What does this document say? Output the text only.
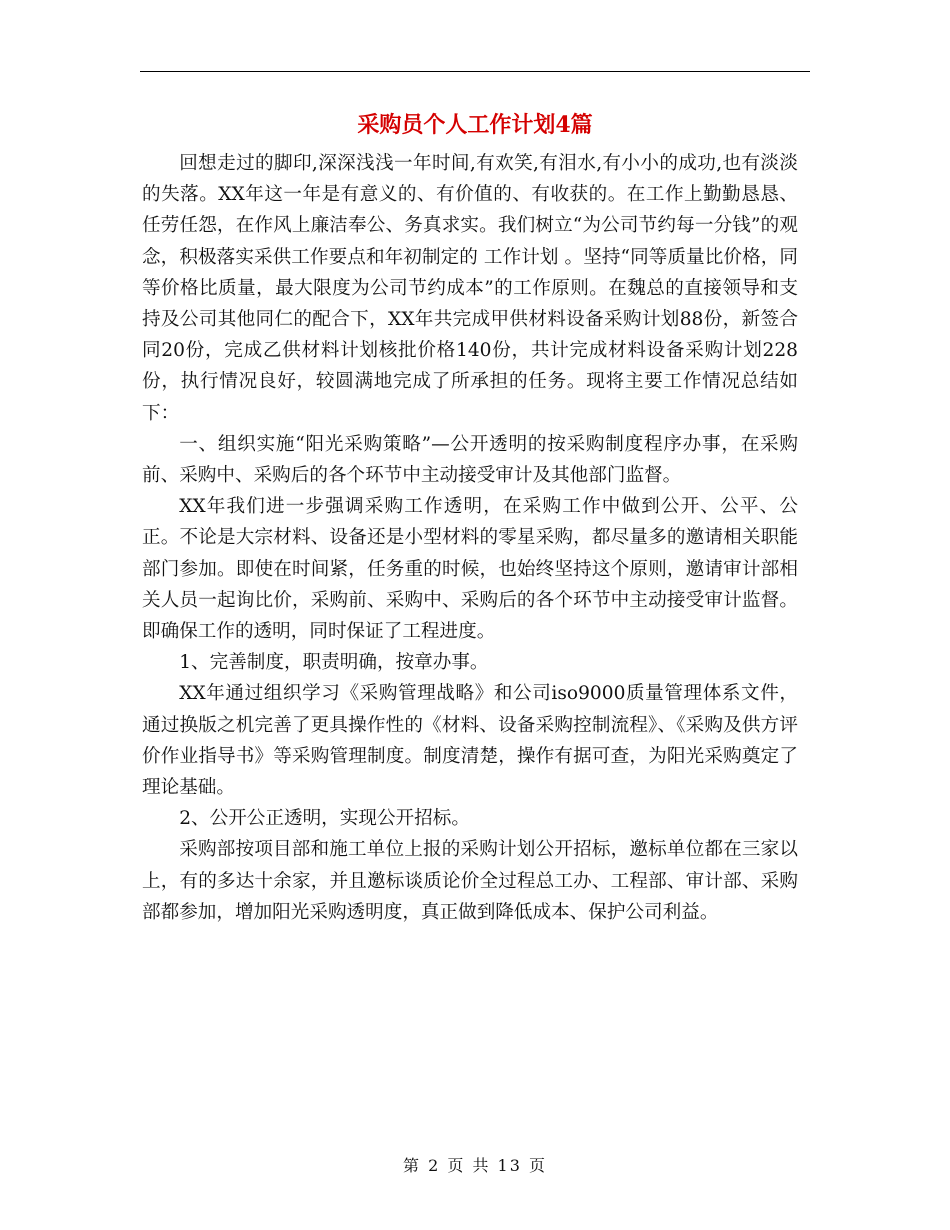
采购员个人工作计划4篇

回想走过的脚印,深深浅浅一年时间,有欢笑,有泪水,有小小的成功,也有淡淡的失落。XX年这一年是有意义的、有价值的、有收获的。在工作上勤勤恳恳、任劳任怨，在作风上廉洁奉公、务真求实。我们树立“为公司节约每一分钱”的观念，积极落实采供工作要点和年初制定的 工作计划 。坚持“同等质量比价格，同等价格比质量，最大限度为公司节约成本”的工作原则。在魏总的直接领导和支持及公司其他同仁的配合下，XX年共完成甲供材料设备采购计划88份，新签合同20份，完成乙供材料计划核批价格140份，共计完成材料设备采购计划228份，执行情况良好，较圆满地完成了所承担的任务。现将主要工作情况总结如下：

一、组织实施“阳光采购策略”—公开透明的按采购制度程序办事，在采购前、采购中、采购后的各个环节中主动接受审计及其他部门监督。

XX年我们进一步强调采购工作透明，在采购工作中做到公开、公平、公正。不论是大宗材料、设备还是小型材料的零星采购，都尽量多的邀请相关职能部门参加。即使在时间紧，任务重的时候，也始终坚持这个原则，邀请审计部相关人员一起询比价，采购前、采购中、采购后的各个环节中主动接受审计监督。即确保工作的透明，同时保证了工程进度。

1、完善制度，职责明确，按章办事。

XX年通过组织学习《采购管理战略》和公司iso9000质量管理体系文件，通过换版之机完善了更具操作性的《材料、设备采购控制流程》、《采购及供方评价作业指导书》等采购管理制度。制度清楚，操作有据可查，为阳光采购奠定了理论基础。

2、公开公正透明，实现公开招标。

采购部按项目部和施工单位上报的采购计划公开招标，邀标单位都在三家以上，有的多达十余家，并且邀标谈质论价全过程总工办、工程部、审计部、采购部都参加，增加阳光采购透明度，真正做到降低成本、保护公司利益。

第 2 页 共 13 页
